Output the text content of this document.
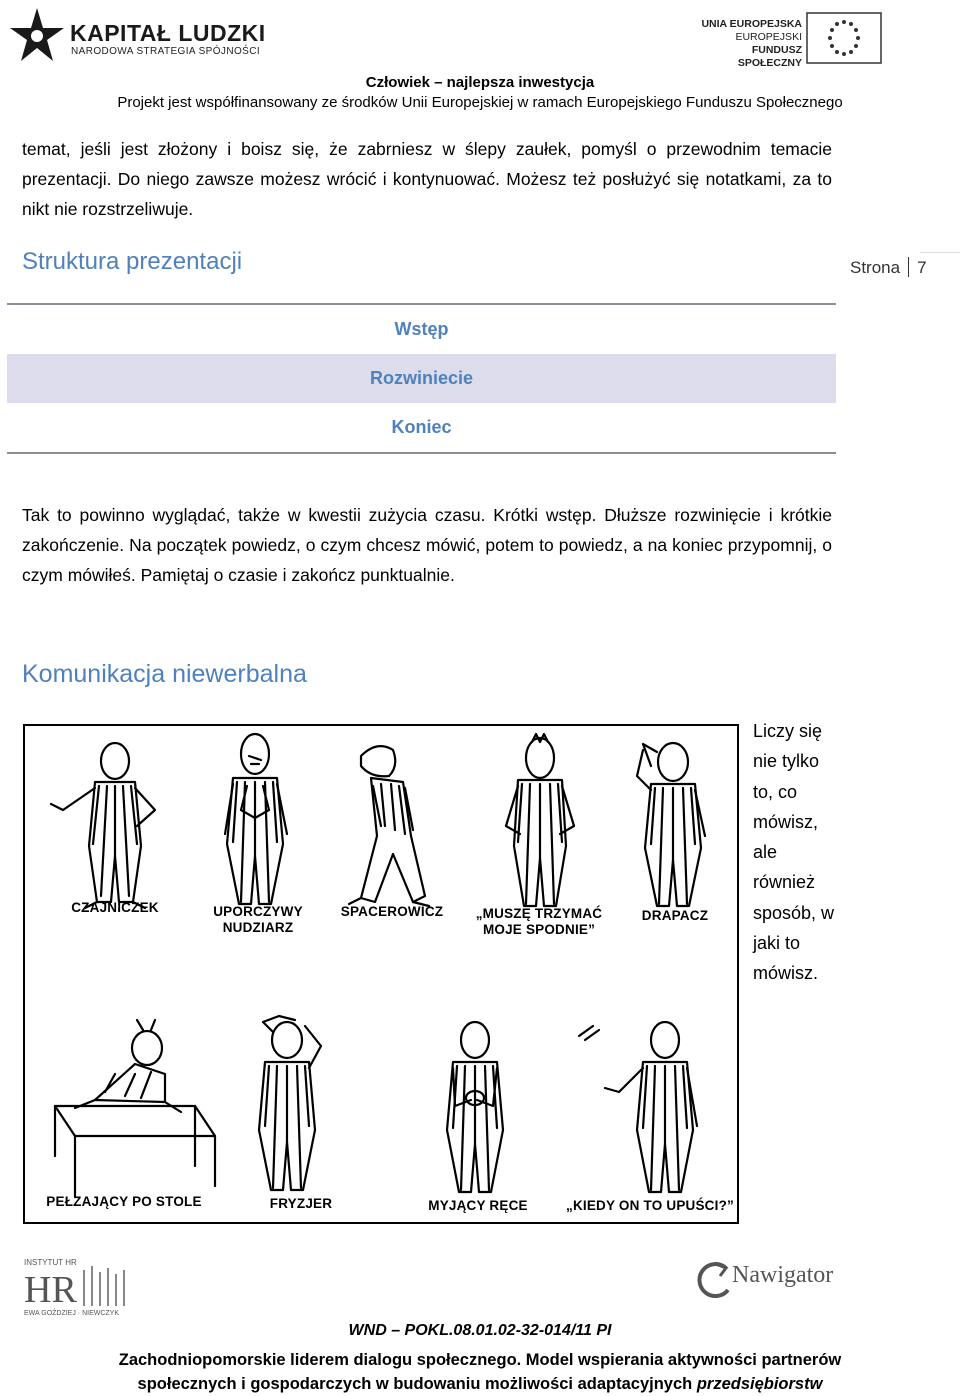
KAPITAŁ LUDZKI
NARODOWA STRATEGIA SPÓJNOŚCI
UNIA EUROPEJSKA
EUROPEJSKI
FUNDUSZ SPOŁECZNY
Człowiek – najlepsza inwestycja
Projekt jest współfinansowany ze środków Unii Europejskiej w ramach Europejskiego Funduszu Społecznego
temat, jeśli jest złożony i boisz się, że zabrniesz w ślepy zaułek, pomyśl o przewodnim temacie prezentacji. Do niego zawsze możesz wrócić i kontynuować. Możesz też posłużyć się notatkami, za to nikt nie rozstrzeliwuje.
Struktura prezentacji	Strona 7
Wstęp
Rozwiniecie
Koniec
Tak to powinno wyglądać, także w kwestii zużycia czasu. Krótki wstęp. Dłuższe rozwinięcie i krótkie zakończenie. Na początek powiedz, o czym chcesz mówić, potem to powiedz, a na koniec przypomnij, o czym mówiłeś. Pamiętaj o czasie i zakończ punktualnie.
Komunikacja niewerbalna
CZAJNICZEK	UPORCZYWY
NUDZIARZ
SPACEROWICZ	„MUSZĘ TRZYMAĆ
MOJE SPODNIE”
DRAPACZ
PEŁZAJĄCY PO STOLE	FRYZJER	MYJĄCY RĘCE	„KIEDY ON TO UPUŚCI?”
Liczy się nie tylko to, co mówisz, ale również sposób, w jaki to mówisz.
HR
INSTYTUT HR
EWA GOŹDZIEJ · NIEWCZYK
Nawigator
WND – POKL.08.01.02-32-014/11 PI
Zachodniopomorskie liderem dialogu społecznego. Model wspierania aktywności partnerów
społecznych i gospodarczych w budowaniu możliwości adaptacyjnych przedsiębiorstw
